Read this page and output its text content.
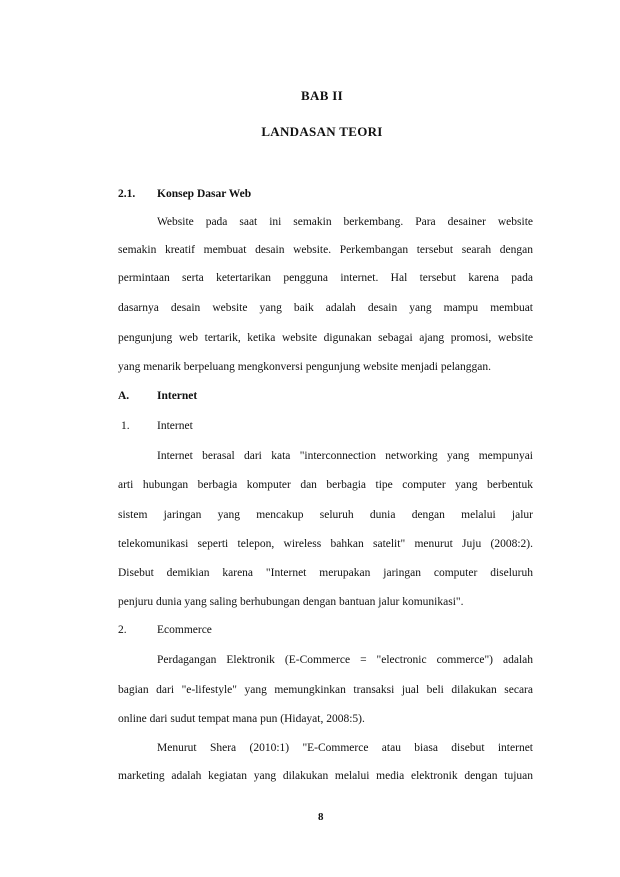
BAB II
LANDASAN TEORI
2.1. Konsep Dasar Web
Website pada saat ini semakin berkembang. Para desainer website
semakin kreatif membuat desain website. Perkembangan tersebut searah dengan
permintaan serta ketertarikan pengguna internet. Hal tersebut karena pada
dasarnya desain website yang baik adalah desain yang mampu membuat
pengunjung web tertarik, ketika website digunakan sebagai ajang promosi, website
yang menarik berpeluang mengkonversi pengunjung website menjadi pelanggan.
A. Internet
1. Internet
Internet berasal dari kata "interconnection networking yang mempunyai
arti hubungan berbagia komputer dan berbagia tipe computer yang berbentuk
sistem jaringan yang mencakup seluruh dunia dengan melalui jalur
telekomunikasi seperti telepon, wireless bahkan satelit" menurut Juju (2008:2).
Disebut demikian karena "Internet merupakan jaringan computer diseluruh
penjuru dunia yang saling berhubungan dengan bantuan jalur komunikasi".
2.	Ecommerce
Perdagangan Elektronik (E-Commerce = "electronic commerce") adalah
bagian dari "e-lifestyle" yang memungkinkan transaksi jual beli dilakukan secara
online dari sudut tempat mana pun (Hidayat, 2008:5).
Menurut Shera (2010:1) "E-Commerce atau biasa disebut internet
marketing adalah kegiatan yang dilakukan melalui media elektronik dengan tujuan
8
